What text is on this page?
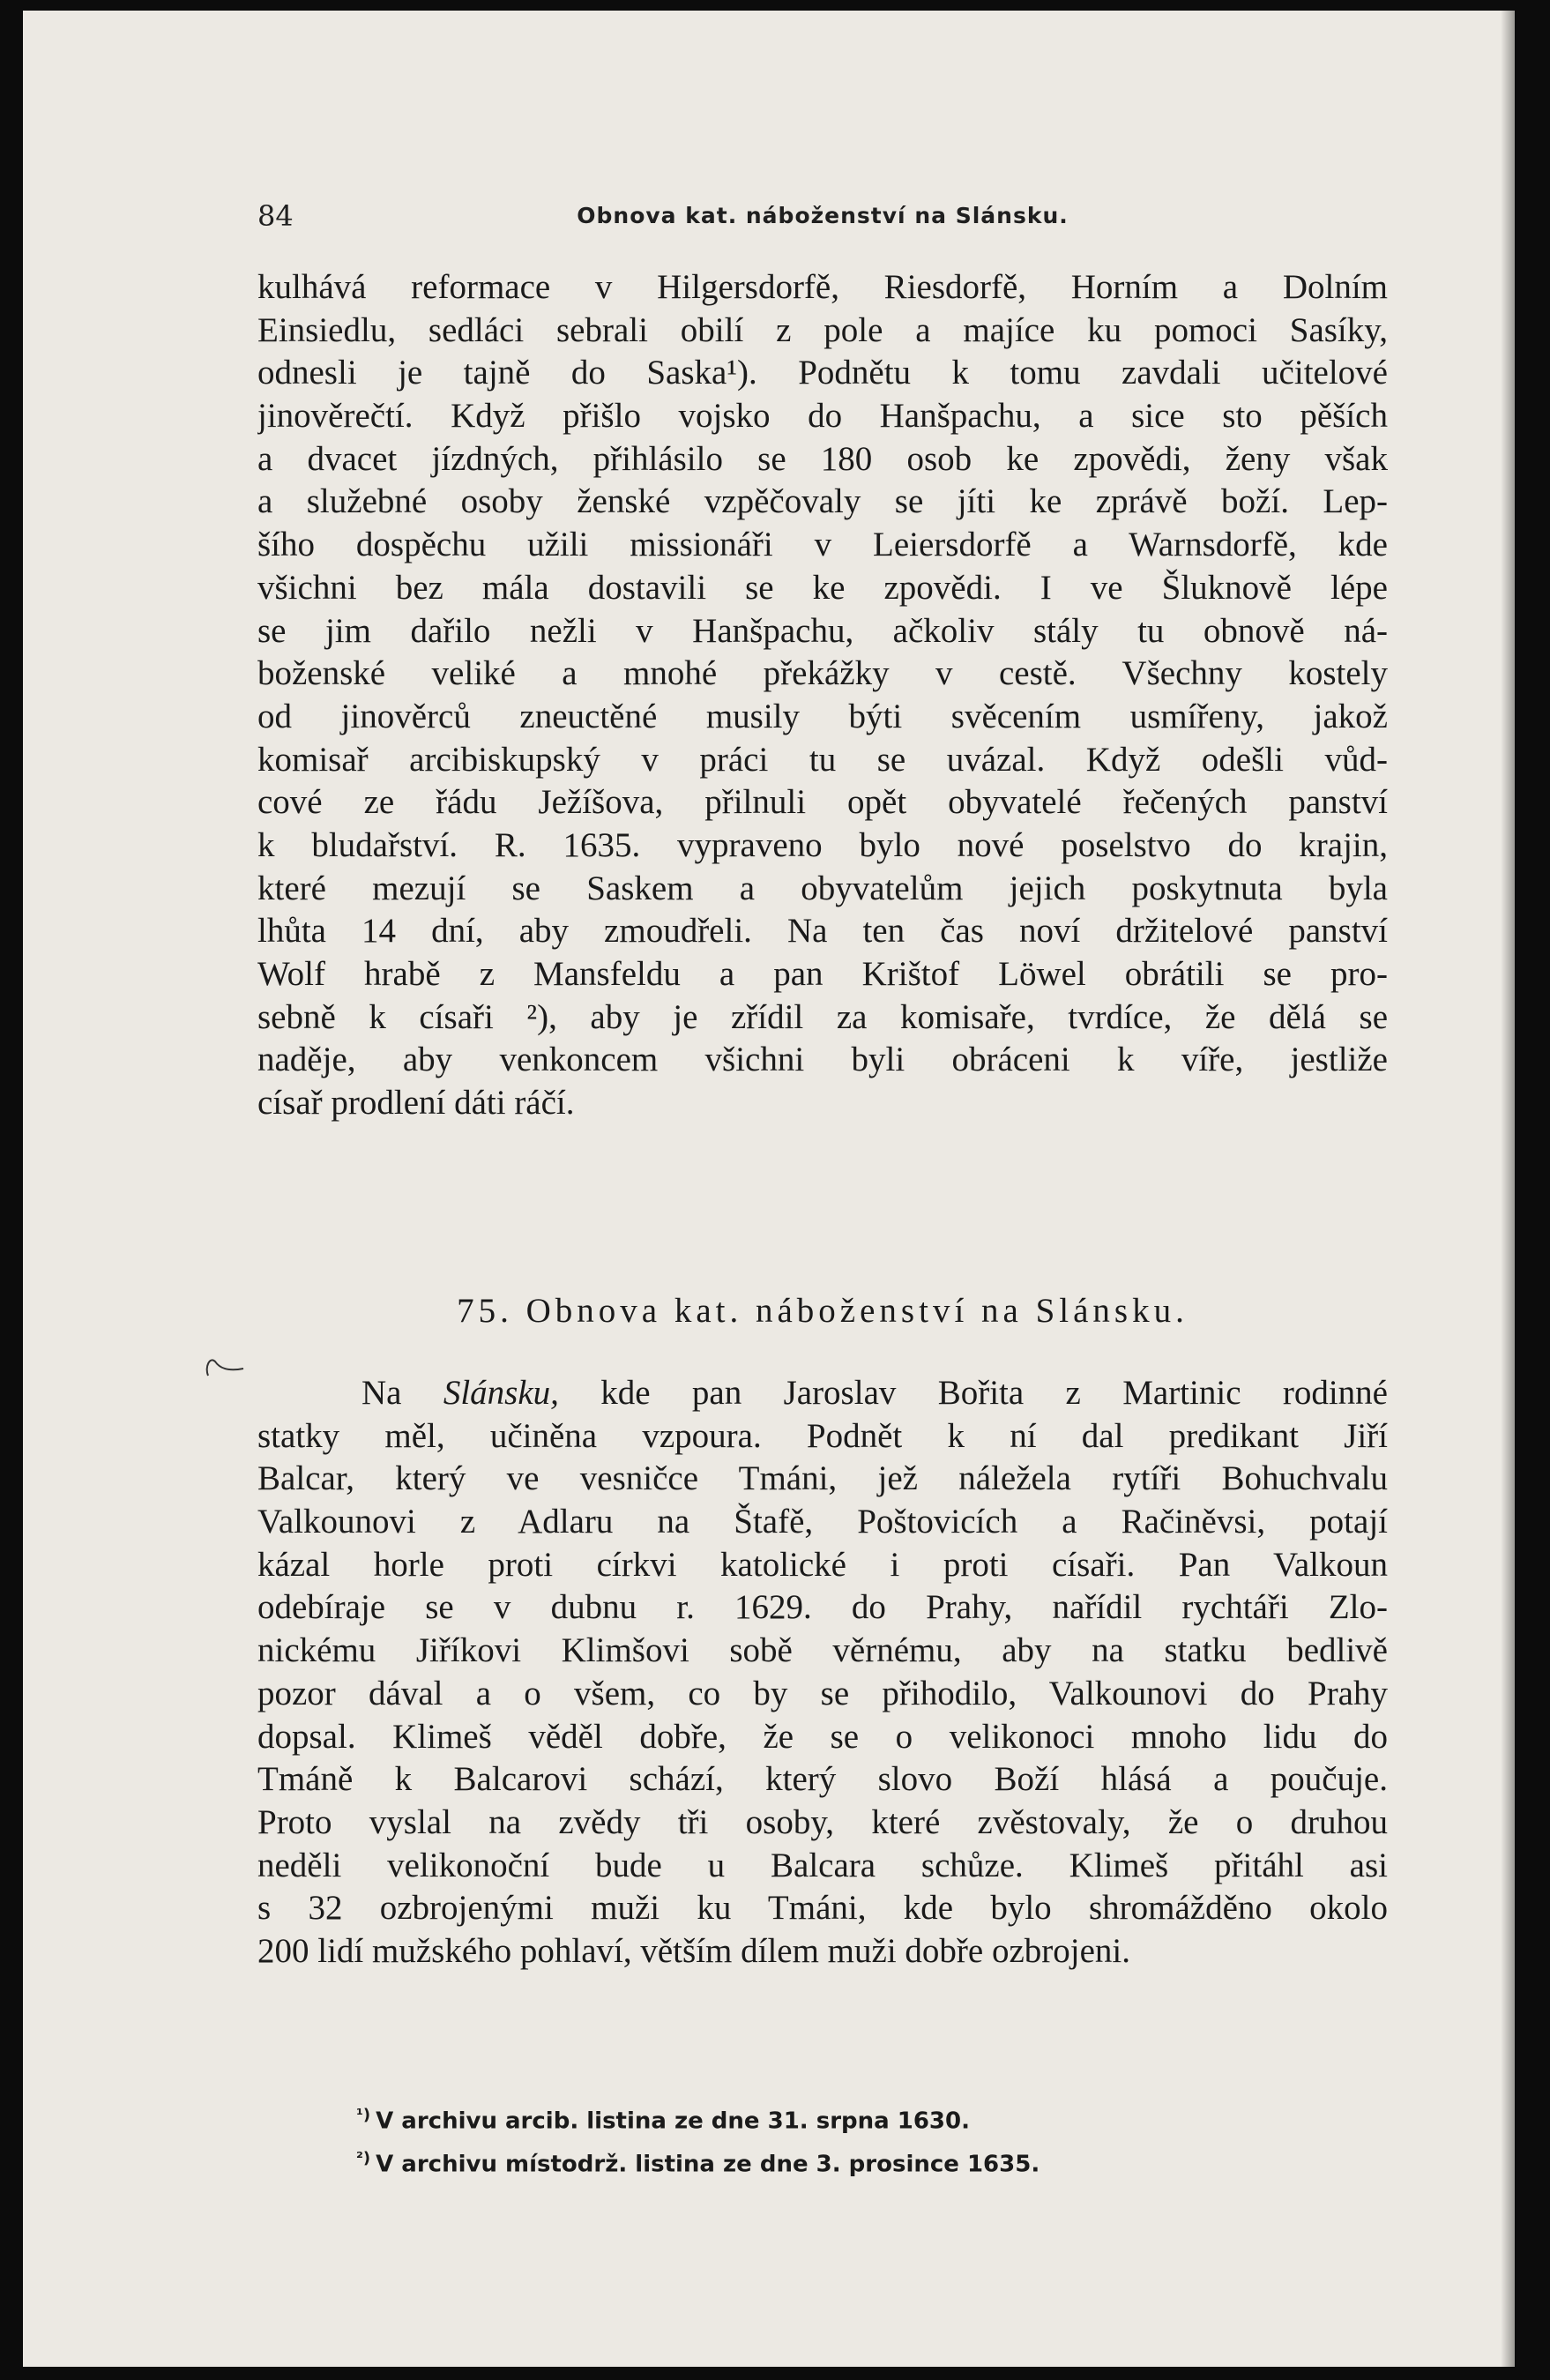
84	Obnova kat. náboženství na Slánsku.
kulhává reformace v Hilgersdorfě, Riesdorfě, Horním a Dolním
Einsiedlu, sedláci sebrali obilí z pole a majíce ku pomoci Sasíky,
odnesli je tajně do Saska¹). Podnětu k tomu zavdali učitelové
jinověrečtí. Když přišlo vojsko do Hanšpachu, a sice sto pěších
a dvacet jízdných, přihlásilo se 180 osob ke zpovědi, ženy však
a služebné osoby ženské vzpěčovaly se jíti ke zprávě boží. Lep-
šího dospěchu užili missionáři v Leiersdorfě a Warnsdorfě, kde
všichni bez mála dostavili se ke zpovědi. I ve Šluknově lépe
se jim dařilo nežli v Hanšpachu, ačkoliv stály tu obnově ná-
boženské veliké a mnohé překážky v cestě. Všechny kostely
od jinověrců zneuctěné musily býti svěcením usmířeny, jakož
komisař arcibiskupský v práci tu se uvázal. Když odešli vůd-
cové ze řádu Ježíšova, přilnuli opět obyvatelé řečených panství
k bludařství. R. 1635. vypraveno bylo nové poselstvo do krajin,
které mezují se Saskem a obyvatelům jejich poskytnuta byla
lhůta 14 dní, aby zmoudřeli. Na ten čas noví držitelové panství
Wolf hrabě z Mansfeldu a pan Krištof Löwel obrátili se pro-
sebně k císaři ²), aby je zřídil za komisaře, tvrdíce, že dělá se
naděje, aby venkoncem všichni byli obráceni k víře, jestliže
císař prodlení dáti ráčí.
75. Obnova kat. náboženství na Slánsku.
Na Slánsku, kde pan Jaroslav Bořita z Martinic rodinné
statky měl, učiněna vzpoura. Podnět k ní dal predikant Jiří
Balcar, který ve vesničce Tmáni, jež náležela rytíři Bohuchvalu
Valkounovi z Adlaru na Štafě, Poštovicích a Račiněvsi, potají
kázal horle proti církvi katolické i proti císaři. Pan Valkoun
odebíraje se v dubnu r. 1629. do Prahy, nařídil rychtáři Zlo-
nickému Jiříkovi Klimšovi sobě věrnému, aby na statku bedlivě
pozor dával a o všem, co by se přihodilo, Valkounovi do Prahy
dopsal. Klimeš věděl dobře, že se o velikonoci mnoho lidu do
Tmáně k Balcarovi schází, který slovo Boží hlásá a poučuje.
Proto vyslal na zvědy tři osoby, které zvěstovaly, že o druhou
neděli velikonoční bude u Balcara schůze. Klimeš přitáhl asi
s 32 ozbrojenými muži ku Tmáni, kde bylo shromážděno okolo
200 lidí mužského pohlaví, větším dílem muži dobře ozbrojeni.
$^{^1)}$ V archivu arcib. listina ze dne 31. srpna 1630.
$^{^2)}$ V archivu místodrž. listina ze dne 3. prosince 1635.
